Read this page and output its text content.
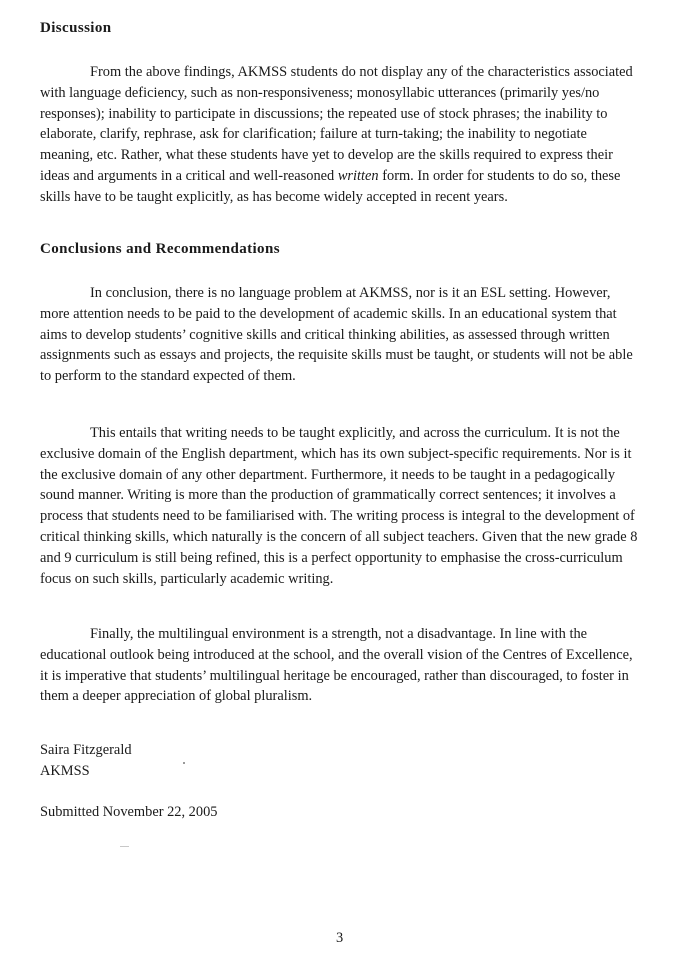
Discussion

From the above findings, AKMSS students do not display any of the characteristics associated with language deficiency, such as non-responsiveness; monosyllabic utterances (primarily yes/no responses); inability to participate in discussions; the repeated use of stock phrases; the inability to elaborate, clarify, rephrase, ask for clarification; failure at turn-taking; the inability to negotiate meaning, etc. Rather, what these students have yet to develop are the skills required to express their ideas and arguments in a critical and well-reasoned written form. In order for students to do so, these skills have to be taught explicitly, as has become widely accepted in recent years.

Conclusions and Recommendations

In conclusion, there is no language problem at AKMSS, nor is it an ESL setting. However, more attention needs to be paid to the development of academic skills. In an educational system that aims to develop students’ cognitive skills and critical thinking abilities, as assessed through written assignments such as essays and projects, the requisite skills must be taught, or students will not be able to perform to the standard expected of them.

This entails that writing needs to be taught explicitly, and across the curriculum. It is not the exclusive domain of the English department, which has its own subject-specific requirements. Nor is it the exclusive domain of any other department. Furthermore, it needs to be taught in a pedagogically sound manner. Writing is more than the production of grammatically correct sentences; it involves a process that students need to be familiarised with. The writing process is integral to the development of critical thinking skills, which naturally is the concern of all subject teachers. Given that the new grade 8 and 9 curriculum is still being refined, this is a perfect opportunity to emphasise the cross-curriculum focus on such skills, particularly academic writing.

Finally, the multilingual environment is a strength, not a disadvantage. In line with the educational outlook being introduced at the school, and the overall vision of the Centres of Excellence, it is imperative that students’ multilingual heritage be encouraged, rather than discouraged, to foster in them a deeper appreciation of global pluralism.

Saira Fitzgerald
AKMSS
Submitted November 22, 2005
3
